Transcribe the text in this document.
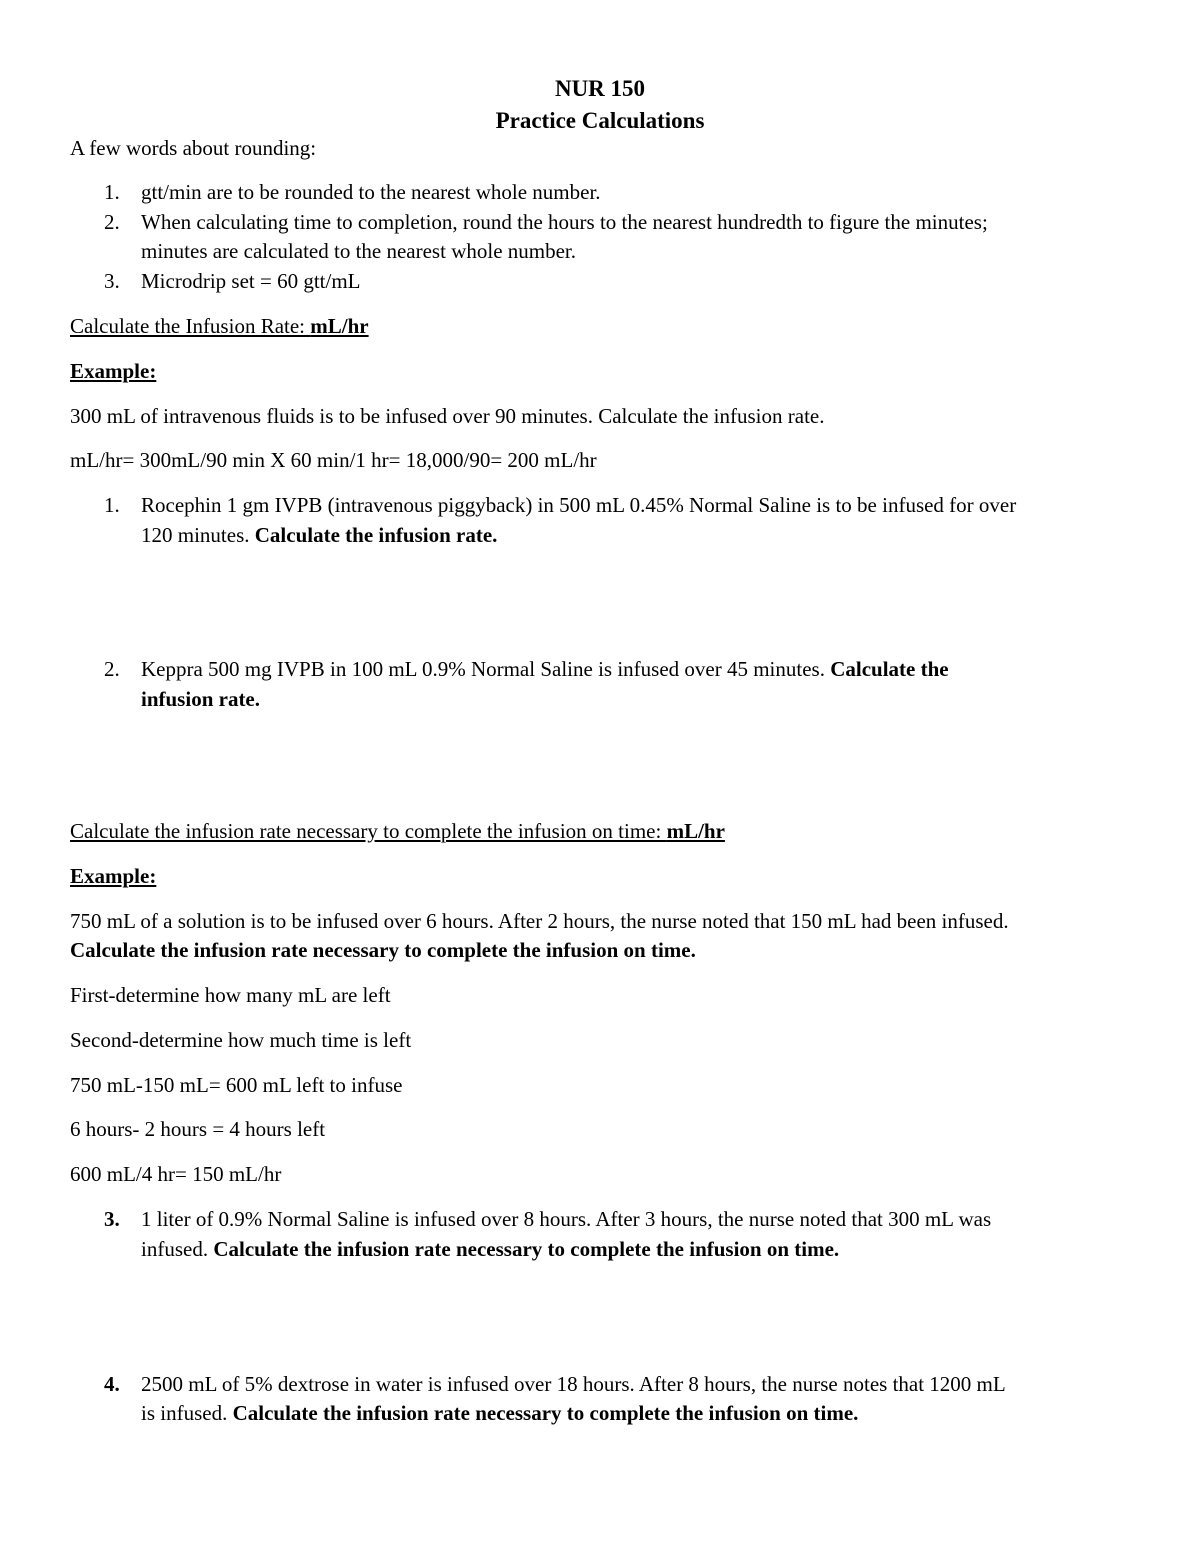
NUR 150
Practice Calculations
A few words about rounding:
1.	gtt/min are to be rounded to the nearest whole number.
2.	When calculating time to completion, round the hours to the nearest hundredth to figure the minutes;
minutes are calculated to the nearest whole number.
3.	Microdrip set = 60 gtt/mL
Calculate the Infusion Rate: mL/hr
Example:
300 mL of intravenous fluids is to be infused over 90 minutes. Calculate the infusion rate.
mL/hr= 300mL/90 min X 60 min/1 hr= 18,000/90= 200 mL/hr
1.	Rocephin 1 gm IVPB (intravenous piggyback) in 500 mL 0.45% Normal Saline is to be infused for over
120 minutes. Calculate the infusion rate.
2.	Keppra 500 mg IVPB in 100 mL 0.9% Normal Saline is infused over 45 minutes. Calculate the
infusion rate.
Calculate the infusion rate necessary to complete the infusion on time: mL/hr
Example:
750 mL of a solution is to be infused over 6 hours. After 2 hours, the nurse noted that 150 mL had been infused.
Calculate the infusion rate necessary to complete the infusion on time.
First-determine how many mL are left
Second-determine how much time is left
750 mL-150 mL= 600 mL left to infuse
6 hours- 2 hours = 4 hours left
600 mL/4 hr= 150 mL/hr
3.	1 liter of 0.9% Normal Saline is infused over 8 hours. After 3 hours, the nurse noted that 300 mL was
infused. Calculate the infusion rate necessary to complete the infusion on time.
4.	2500 mL of 5% dextrose in water is infused over 18 hours. After 8 hours, the nurse notes that 1200 mL
is infused. Calculate the infusion rate necessary to complete the infusion on time.
